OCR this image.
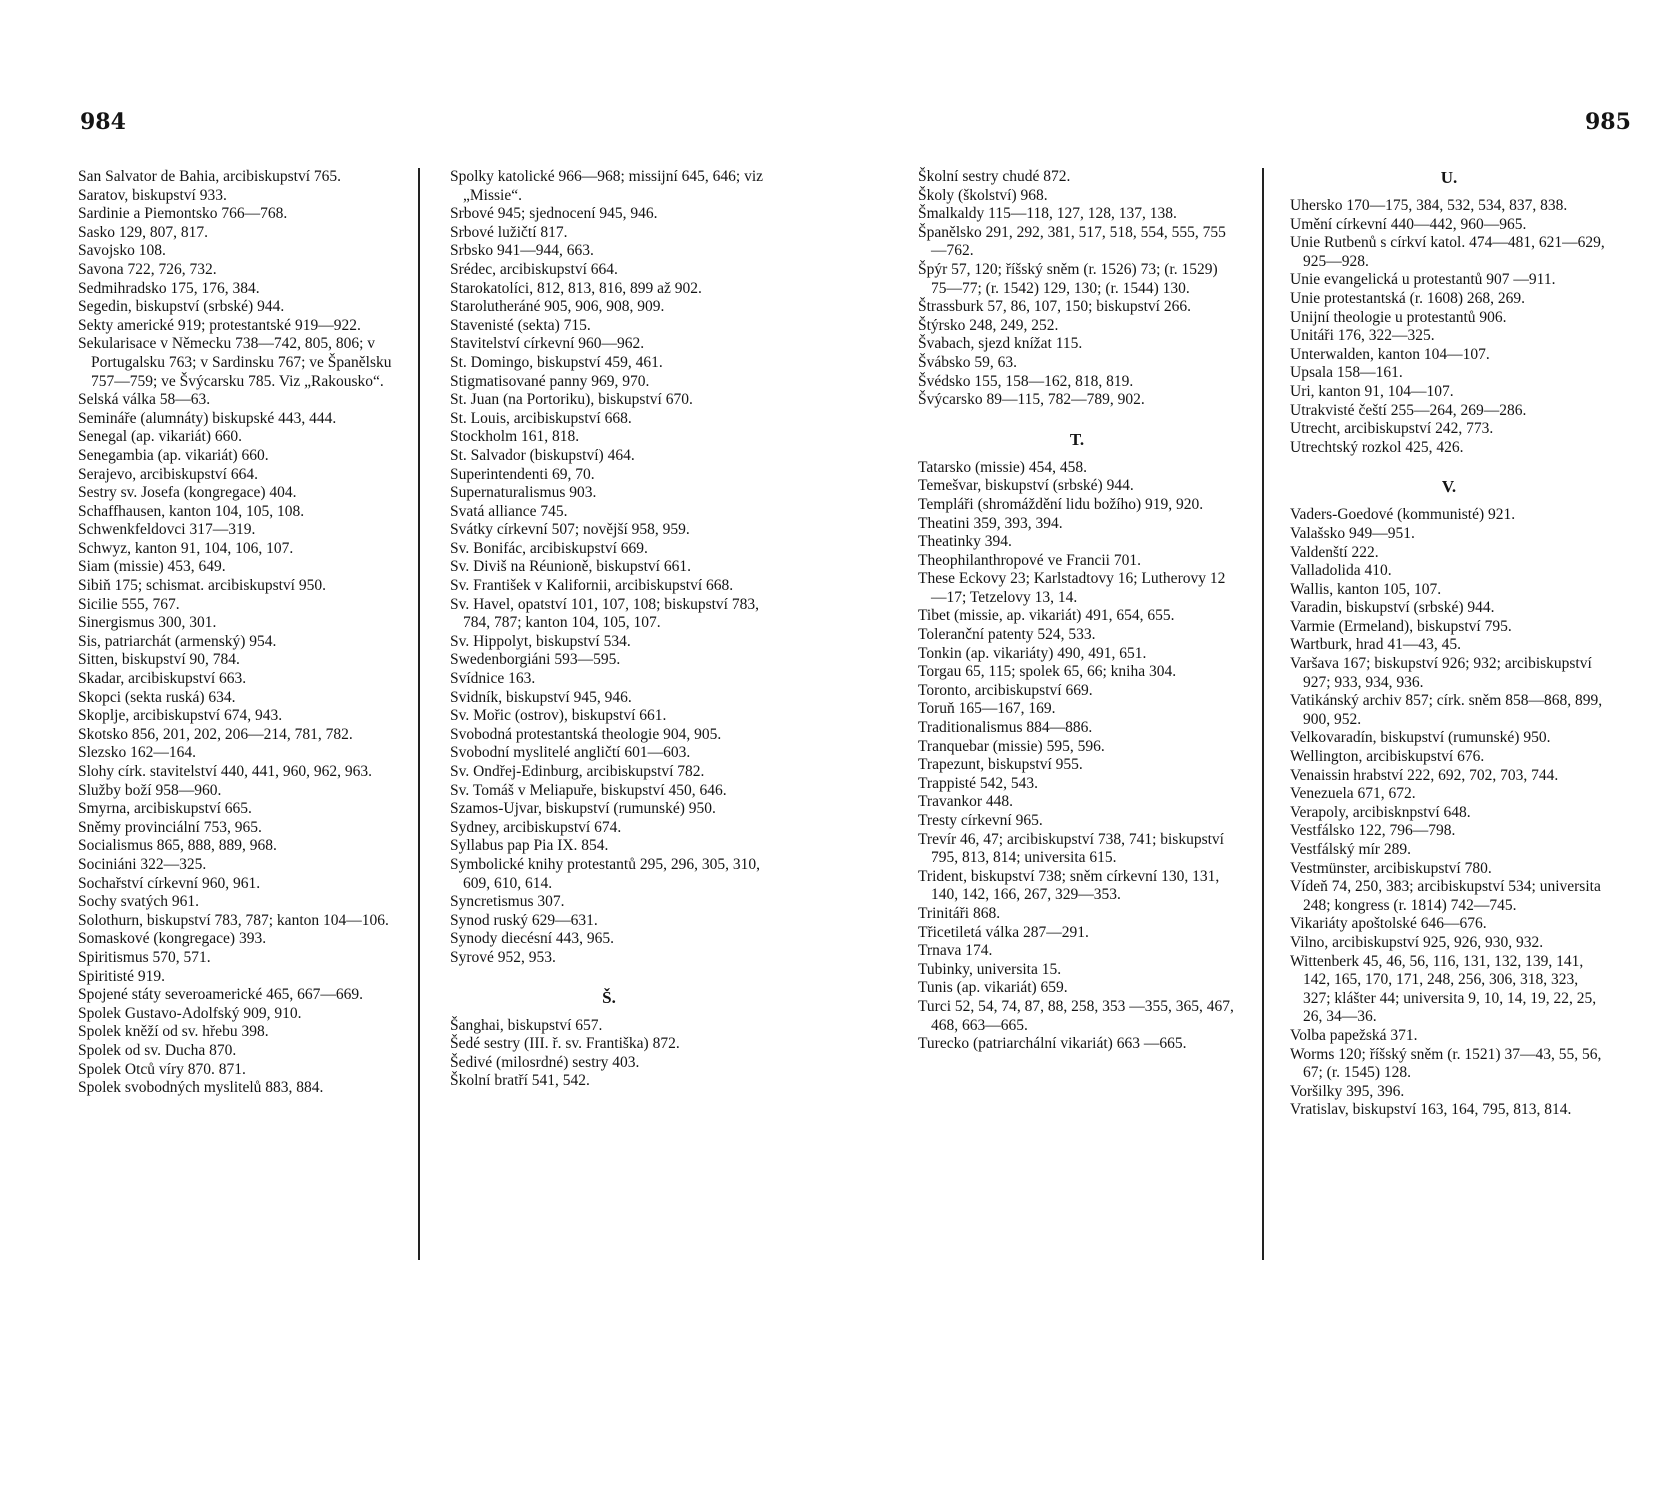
984	985

San Salvator de Bahia, arcibiskupství 765.

Saratov, biskupství 933.

Sardinie a Piemontsko 766—768.

Sasko 129, 807, 817.

Savojsko 108.

Savona 722, 726, 732.

Sedmihradsko 175, 176, 384.

Segedin, biskupství (srbské) 944.

Sekty americké 919; protestantské 919—922.

Sekularisace v Německu 738—742, 805, 806; v Portugalsku 763; v Sardinsku 767; ve Španělsku 757—759; ve Švýcarsku 785. Viz „Rakousko“.

Selská válka 58—63.

Semináře (alumnáty) biskupské 443, 444.

Senegal (ap. vikariát) 660.

Senegambia (ap. vikariát) 660.

Serajevo, arcibiskupství 664.

Sestry sv. Josefa (kongregace) 404.

Schaffhausen, kanton 104, 105, 108.

Schwenkfeldovci 317—319.

Schwyz, kanton 91, 104, 106, 107.

Siam (missie) 453, 649.

Sibiň 175; schismat. arcibiskupství 950.

Sicilie 555, 767.

Sinergismus 300, 301.

Sis, patriarchát (armenský) 954.

Sitten, biskupství 90, 784.

Skadar, arcibiskupství 663.

Skopci (sekta ruská) 634.

Skoplje, arcibiskupství 674, 943.

Skotsko 856, 201, 202, 206—214, 781, 782.

Slezsko 162—164.

Slohy círk. stavitelství 440, 441, 960, 962, 963.

Služby boží 958—960.

Smyrna, arcibiskupství 665.

Sněmy provinciální 753, 965.

Socialismus 865, 888, 889, 968.

Sociniáni 322—325.

Sochařství církevní 960, 961.

Sochy svatých 961.

Solothurn, biskupství 783, 787; kanton 104—106.

Somaskové (kongregace) 393.

Spiritismus 570, 571.

Spiritisté 919.

Spojené státy severoamerické 465, 667—669.

Spolek Gustavo-Adolfský 909, 910.

Spolek kněží od sv. hřebu 398.

Spolek od sv. Ducha 870.

Spolek Otců víry 870. 871.

Spolek svobodných myslitelů 883, 884.

Spolky katolické 966—968; missijní 645, 646; viz „Missie“.

Srbové 945; sjednocení 945, 946.

Srbové lužičtí 817.

Srbsko 941—944, 663.

Srédec, arcibiskupství 664.

Starokatolíci, 812, 813, 816, 899 až 902.

Starolutheráné 905, 906, 908, 909.

Stavenisté (sekta) 715.

Stavitelství církevní 960—962.

St. Domingo, biskupství 459, 461.

Stigmatisované panny 969, 970.

St. Juan (na Portoriku), biskupství 670.

St. Louis, arcibiskupství 668.

Stockholm 161, 818.

St. Salvador (biskupství) 464.

Superintendenti 69, 70.

Supernaturalismus 903.

Svatá alliance 745.

Svátky církevní 507; novější 958, 959.

Sv. Bonifác, arcibiskupství 669.

Sv. Diviš na Réunioně, biskupství 661.

Sv. František v Kalifornii, arcibiskupství 668.

Sv. Havel, opatství 101, 107, 108; biskupství 783, 784, 787; kanton 104, 105, 107.

Sv. Hippolyt, biskupství 534.

Swedenborgiáni 593—595.

Svídnice 163.

Svidník, biskupství 945, 946.

Sv. Mořic (ostrov), biskupství 661.

Svobodná protestantská theologie 904, 905.

Svobodní myslitelé angličtí 601—603.

Sv. Ondřej-Edinburg, arcibiskupství 782.

Sv. Tomáš v Meliapuře, biskupství 450, 646.

Szamos-Ujvar, biskupství (rumunské) 950.

Sydney, arcibiskupství 674.

Syllabus pap Pia IX. 854.

Symbolické knihy protestantů 295, 296, 305, 310, 609, 610, 614.

Syncretismus 307.

Synod ruský 629—631.

Synody diecésní 443, 965.

Syrové 952, 953.

Š.

Šanghai, biskupství 657.

Šedé sestry (III. ř. sv. Františka) 872.

Šedivé (milosrdné) sestry 403.

Školní bratří 541, 542.

Školní sestry chudé 872.

Školy (školství) 968.

Šmalkaldy 115—118, 127, 128, 137, 138.

Španělsko 291, 292, 381, 517, 518, 554, 555, 755—762.

Špýr 57, 120; říšský sněm (r. 1526) 73; (r. 1529) 75—77; (r. 1542) 129, 130; (r. 1544) 130.

Štrassburk 57, 86, 107, 150; biskupství 266.

Štýrsko 248, 249, 252.

Švabach, sjezd knížat 115.

Švábsko 59, 63.

Švédsko 155, 158—162, 818, 819.

Švýcarsko 89—115, 782—789, 902.

T.

Tatarsko (missie) 454, 458.

Temešvar, biskupství (srbské) 944.

Templáři (shromáždění lidu božího) 919, 920.

Theatini 359, 393, 394.

Theatinky 394.

Theophilanthropové ve Francii 701.

These Eckovy 23; Karlstadtovy 16; Lutherovy 12—17; Tetzelovy 13, 14.

Tibet (missie, ap. vikariát) 491, 654, 655.

Toleranční patenty 524, 533.

Tonkin (ap. vikariáty) 490, 491, 651.

Torgau 65, 115; spolek 65, 66; kniha 304.

Toronto, arcibiskupství 669.

Toruň 165—167, 169.

Traditionalismus 884—886.

Tranquebar (missie) 595, 596.

Trapezunt, biskupství 955.

Trappisté 542, 543.

Travankor 448.

Tresty církevní 965.

Trevír 46, 47; arcibiskupství 738, 741; biskupství 795, 813, 814; universita 615.

Trident, biskupství 738; sněm církevní 130, 131, 140, 142, 166, 267, 329—353.

Trinitáři 868.

Třicetiletá válka 287—291.

Trnava 174.

Tubinky, universita 15.

Tunis (ap. vikariát) 659.

Turci 52, 54, 74, 87, 88, 258, 353 —355, 365, 467, 468, 663—665.

Turecko (patriarchální vikariát) 663 —665.

U.

Uhersko 170—175, 384, 532, 534, 837, 838.

Umění církevní 440—442, 960—965.

Unie Rutbenů s církví katol. 474—481, 621—629, 925—928.

Unie evangelická u protestantů 907 —911.

Unie protestantská (r. 1608) 268, 269.

Unijní theologie u protestantů 906.

Unitáři 176, 322—325.

Unterwalden, kanton 104—107.

Upsala 158—161.

Uri, kanton 91, 104—107.

Utrakvisté čeští 255—264, 269—286.

Utrecht, arcibiskupství 242, 773.

Utrechtský rozkol 425, 426.

V.

Vaders-Goedové (kommunisté) 921.

Valašsko 949—951.

Valdenští 222.

Valladolida 410.

Wallis, kanton 105, 107.

Varadin, biskupství (srbské) 944.

Varmie (Ermeland), biskupství 795.

Wartburk, hrad 41—43, 45.

Varšava 167; biskupství 926; 932; arcibiskupství 927; 933, 934, 936.

Vatikánský archiv 857; círk. sněm 858—868, 899, 900, 952.

Velkovaradín, biskupství (rumunské) 950.

Wellington, arcibiskupství 676.

Venaissin hrabství 222, 692, 702, 703, 744.

Venezuela 671, 672.

Verapoly, arcibisknpství 648.

Vestfálsko 122, 796—798.

Vestfálský mír 289.

Vestmünster, arcibiskupství 780.

Vídeň 74, 250, 383; arcibiskupství 534; universita 248; kongress (r. 1814) 742—745.

Vikariáty apoštolské 646—676.

Vilno, arcibiskupství 925, 926, 930, 932.

Wittenberk 45, 46, 56, 116, 131, 132, 139, 141, 142, 165, 170, 171, 248, 256, 306, 318, 323, 327; klášter 44; universita 9, 10, 14, 19, 22, 25, 26, 34—36.

Volba papežská 371.

Worms 120; říšský sněm (r. 1521) 37—43, 55, 56, 67; (r. 1545) 128.

Voršilky 395, 396.

Vratislav, biskupství 163, 164, 795, 813, 814.
